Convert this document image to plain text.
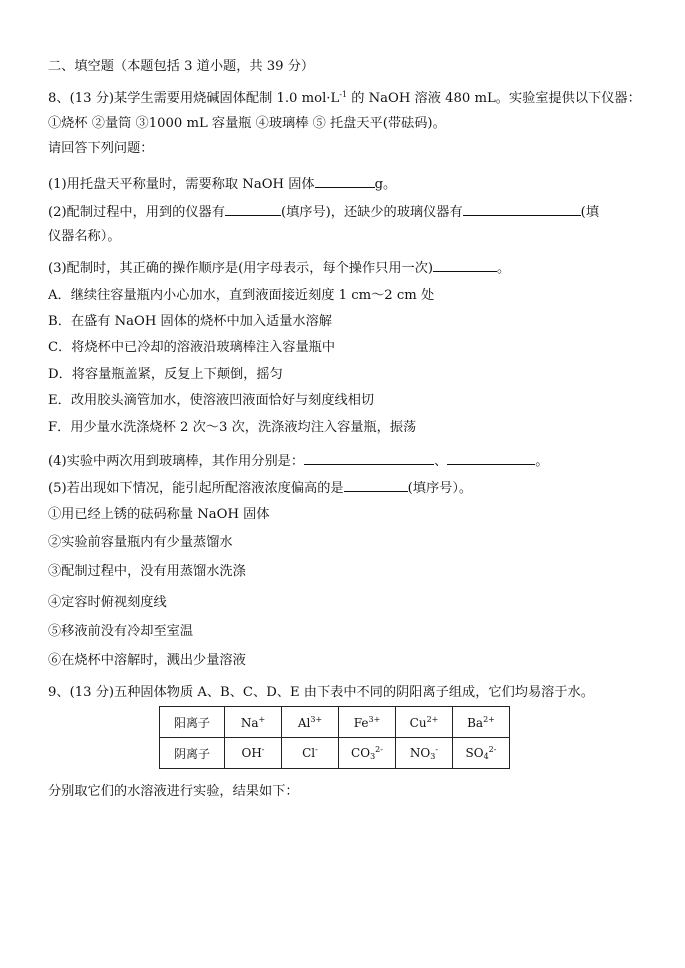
二、填空题（本题包括 3 道小题，共 39 分）
8、(13 分)某学生需要用烧碱固体配制 1.0 $mol\cdot L^{-1}$ 的 NaOH 溶液 480 mL。实验室提供以下仪器：
①烧杯 ②量筒 ③1000 mL 容量瓶 ④玻璃棒 ⑤ 托盘天平(带砝码)。
请回答下列问题：
(1)用托盘天平称量时，需要称取 NaOH 固体	g。
(2)配制过程中，用到的仪器有	(填序号)，还缺少的玻璃仪器有	(填
仪器名称）。
(3)配制时，其正确的操作顺序是(用字母表示，每个操作只用一次)	。
A．继续往容量瓶内小心加水，直到液面接近刻度 1 cm～2 cm 处
B．在盛有 NaOH 固体的烧杯中加入适量水溶解
C．将烧杯中已冷却的溶液沿玻璃棒注入容量瓶中
D．将容量瓶盖紧，反复上下颠倒，摇匀
E．改用胶头滴管加水，使溶液凹液面恰好与刻度线相切
F．用少量水洗涤烧杯 2 次～3 次，洗涤液均注入容量瓶，振荡
(4)实验中两次用到玻璃棒，其作用分别是：	、	。
(5)若出现如下情况，能引起所配溶液浓度偏高的是	(填序号）。
①用已经上锈的砝码称量 NaOH 固体
②实验前容量瓶内有少量蒸馏水
③配制过程中，没有用蒸馏水洗涤
④定容时俯视刻度线
⑤移液前没有冷却至室温
⑥在烧杯中溶解时，溅出少量溶液
9、(13 分)五种固体物质 A、B、C、D、E 由下表中不同的阴阳离子组成，它们均易溶于水。
阳离子	Na+	$Al^{3+}$	$Fe^{3+}$	$Cu^{2+}$	$Ba^{2+}$
阴离子	OH-	Cl-	$CO_3^{2-}$	$NO_3^-$	$SO_4^{2-}$
分别取它们的水溶液进行实验，结果如下：
